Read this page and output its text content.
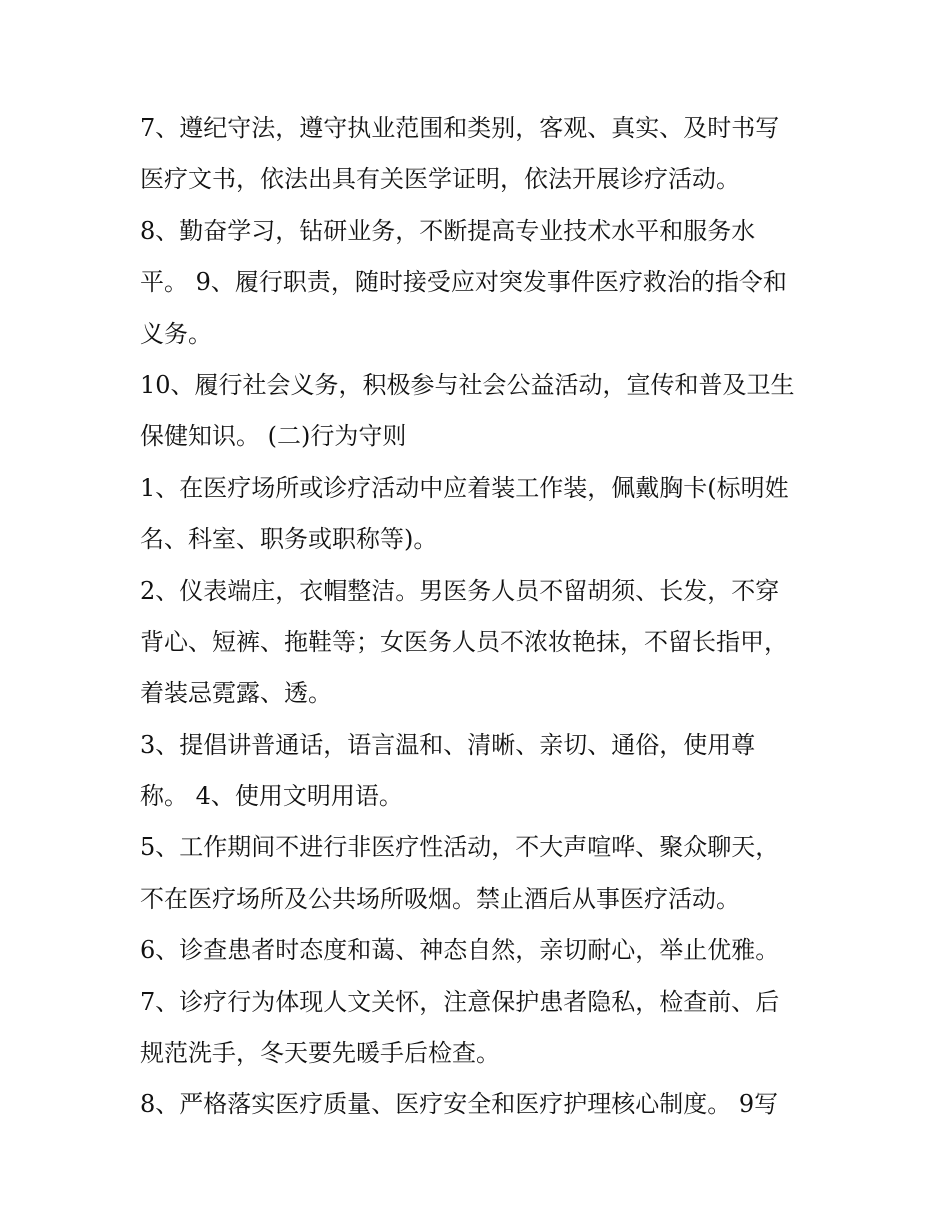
7、遵纪守法，遵守执业范围和类别，客观、真实、及时书写
医疗文书，依法出具有关医学证明，依法开展诊疗活动。
8、勤奋学习，钻研业务，不断提高专业技术水平和服务水
平。 9、履行职责，随时接受应对突发事件医疗救治的指令和
义务。
10、履行社会义务，积极参与社会公益活动，宣传和普及卫生
保健知识。 (二)行为守则
1、在医疗场所或诊疗活动中应着装工作装，佩戴胸卡(标明姓
名、科室、职务或职称等)。
2、仪表端庄，衣帽整洁。男医务人员不留胡须、长发，不穿
背心、短裤、拖鞋等；女医务人员不浓妆艳抹，不留长指甲，
着装忌霓露、透。
3、提倡讲普通话，语言温和、清晰、亲切、通俗，使用尊
称。 4、使用文明用语。
5、工作期间不进行非医疗性活动，不大声喧哗、聚众聊天，
不在医疗场所及公共场所吸烟。禁止酒后从事医疗活动。
6、诊查患者时态度和蔼、神态自然，亲切耐心，举止优雅。
7、诊疗行为体现人文关怀，注意保护患者隐私，检查前、后
规范洗手，冬天要先暖手后检查。
8、严格落实医疗质量、医疗安全和医疗护理核心制度。 9写
